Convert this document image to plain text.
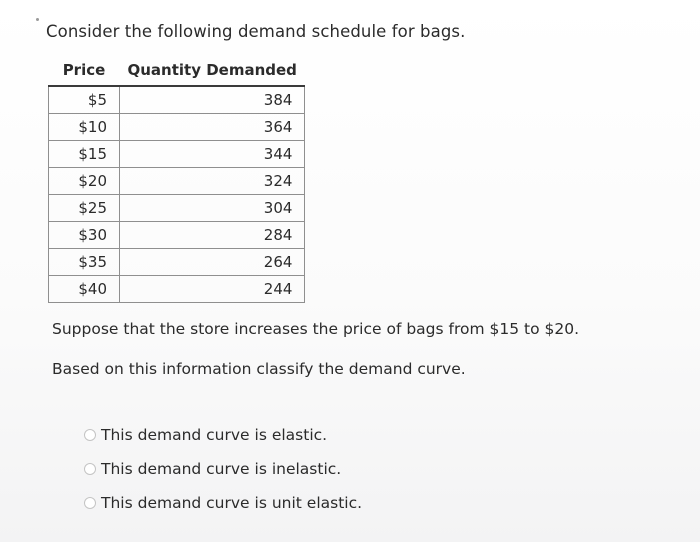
Consider the following demand schedule for bags.
Price	Quantity Demanded
$5	384
$10	364
$15	344
$20	324
$25	304
$30	284
$35	264
$40	244
Suppose that the store increases the price of bags from $15 to $20.
Based on this information classify the demand curve.
This demand curve is elastic.
This demand curve is inelastic.
This demand curve is unit elastic.
